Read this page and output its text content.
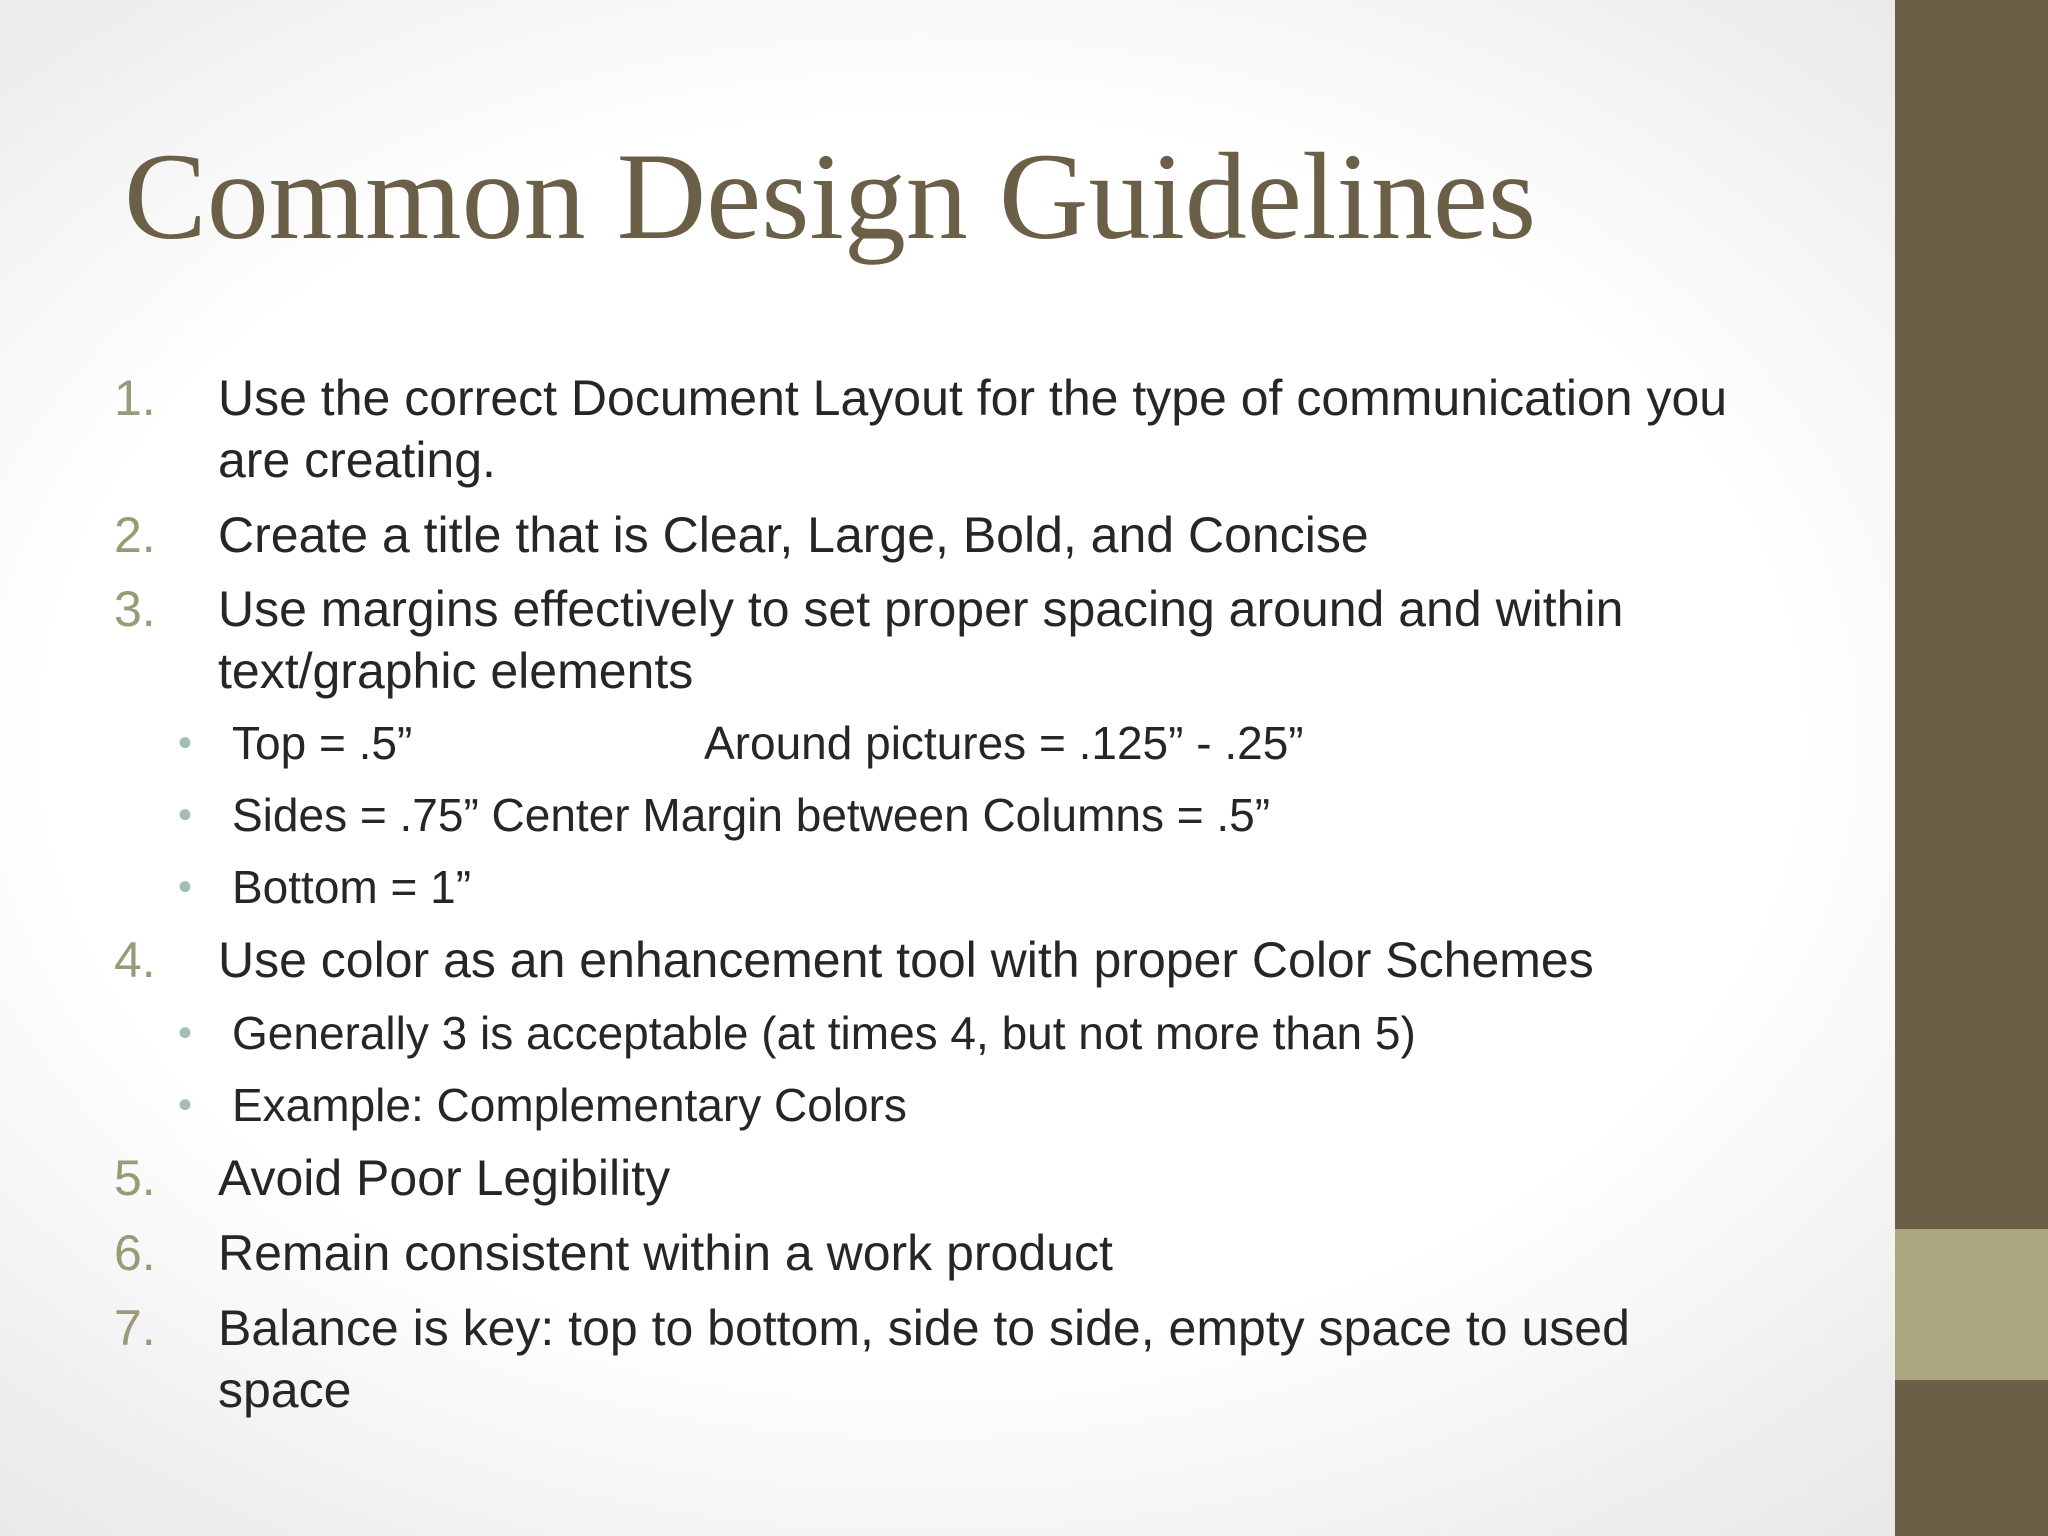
Common Design Guidelines
1. Use the correct Document Layout for the type of communication you are creating.
2. Create a title that is Clear, Large, Bold, and Concise
3. Use margins effectively to set proper spacing around and within text/graphic elements
• Top = .5”	Around pictures = .125” - .25”
• Sides = .75” Center Margin between Columns = .5”
• Bottom = 1”
4. Use color as an enhancement tool with proper Color Schemes
• Generally 3 is acceptable (at times 4, but not more than 5)
• Example: Complementary Colors
5. Avoid Poor Legibility
6. Remain consistent within a work product
7. Balance is key: top to bottom, side to side, empty space to used space
